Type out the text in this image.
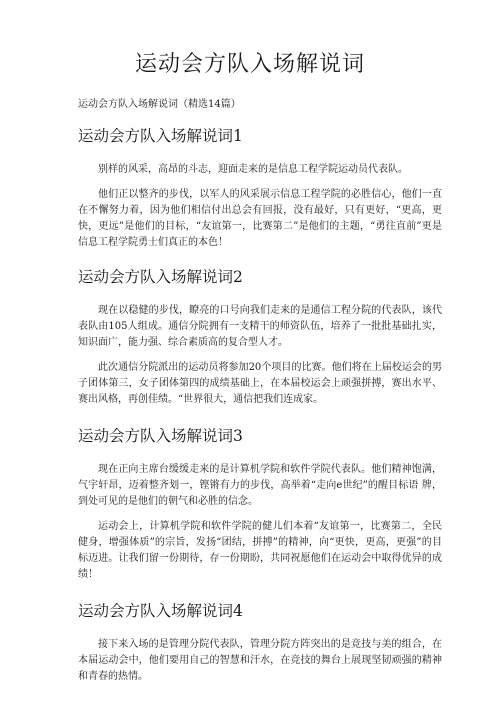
运动会方队入场解说词

运动会方队入场解说词（精选14篇）

运动会方队入场解说词1

别样的风采，高昂的斗志，迎面走来的是信息工程学院运动员代表队。

他们正以整齐的步伐，以军人的风采展示信息工程学院的必胜信心，他们一直在不懈努力着，因为他们相信付出总会有回报，没有最好，只有更好，“更高，更快，更远”是他们的目标，“友谊第一，比赛第二”是他们的主题，“勇往直前”更是信息工程学院勇士们真正的本色！

运动会方队入场解说词2

现在以稳健的步伐，瞭亮的口号向我们走来的是通信工程分院的代表队，该代表队由105人组成。通信分院拥有一支精干的师资队伍，培养了一批批基础扎实，知识面广，能力强、综合素质高的复合型人才。

此次通信分院派出的运动员将参加20个项目的比赛。他们将在上届校运会的男子团体第三，女子团体第四的成绩基础上，在本届校运会上顽强拼搏，赛出水平、赛出风格，再创佳绩。“世界很大，通信把我们连成家。

运动会方队入场解说词3

现在正向主席台缓缓走来的是计算机学院和软件学院代表队。他们精神饱满，气宇轩昂，迈着整齐划一，铿锵有力的步伐，高举着“走向e世纪”的醒目标语 牌，到处可见的是他们的朝气和必胜的信念。

运动会上，计算机学院和软件学院的健儿们本着“友谊第一，比赛第二，全民健身，增强体质”的宗旨，发扬“团结，拼搏”的精神，向“更快，更高，更强”的目标迈进。让我们留一份期待，存一份期盼，共同祝愿他们在运动会中取得优异的成绩！

运动会方队入场解说词4

接下来入场的是管理分院代表队，管理分院方阵突出的是竞技与美的组合，在本届运动会中，他们要用自己的智慧和汗水，在竞技的舞台上展现坚韧顽强的精神和青春的热情。
